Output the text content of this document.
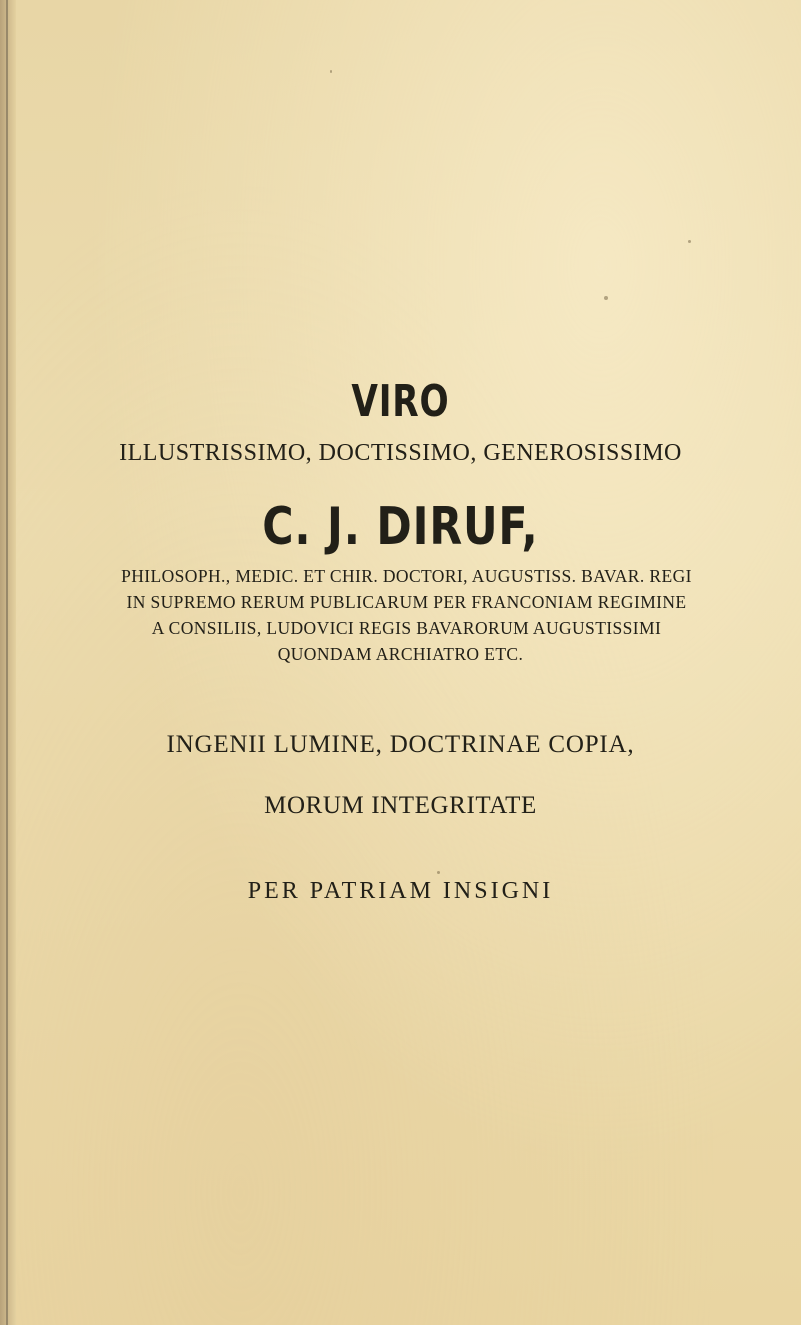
VIRO
ILLUSTRISSIMO, DOCTISSIMO, GENEROSISSIMO
C. J. DIRUF,
PHILOSOPH., MEDIC. ET CHIR. DOCTORI, AUGUSTISS. BAVAR. REGI
IN SUPREMO RERUM PUBLICARUM PER FRANCONIAM REGIMINE
A CONSILIIS, LUDOVICI REGIS BAVARORUM AUGUSTISSIMI
QUONDAM ARCHIATRO ETC.
INGENII LUMINE, DOCTRINAE COPIA,
MORUM INTEGRITATE
PER PATRIAM INSIGNI
